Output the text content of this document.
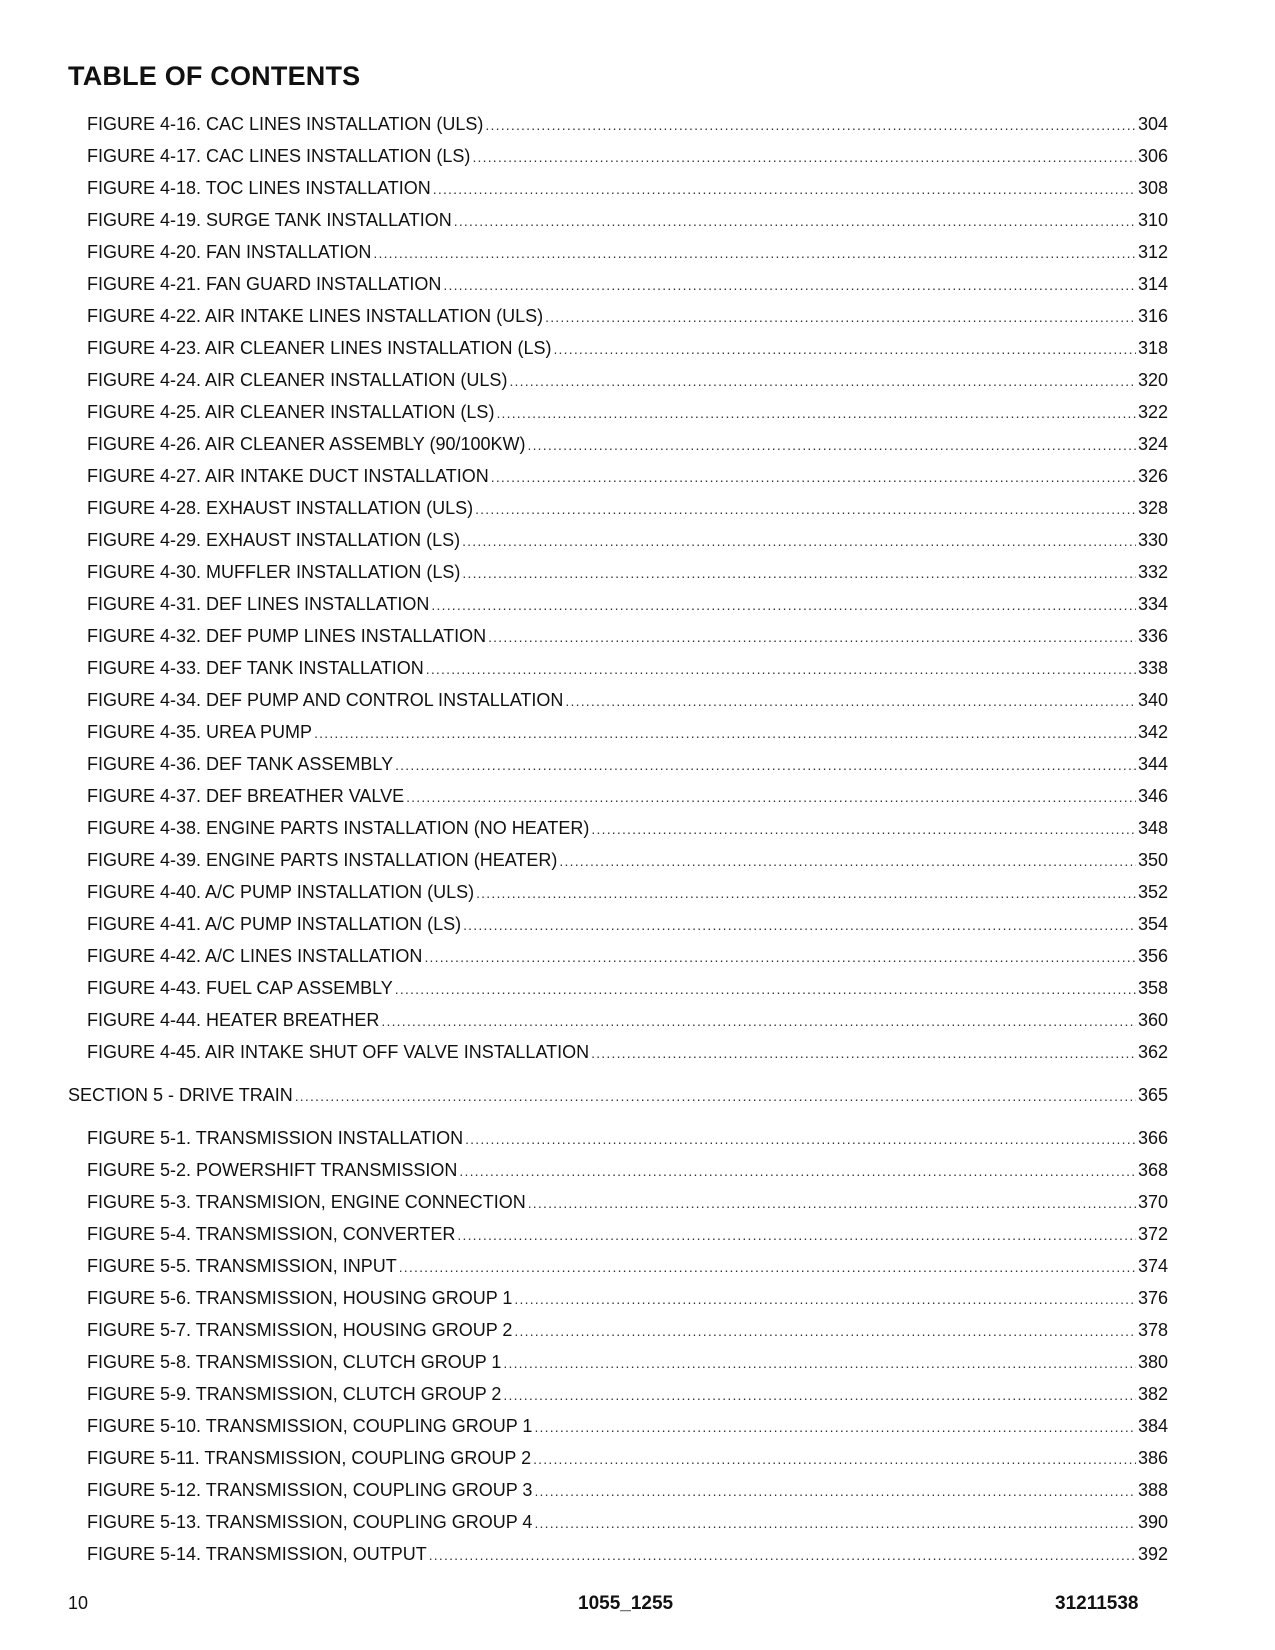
TABLE OF CONTENTS
FIGURE 4-16. CAC LINES INSTALLATION (ULS) .....	304
FIGURE 4-17. CAC LINES INSTALLATION (LS) .....	306
FIGURE 4-18. TOC LINES INSTALLATION .....	308
FIGURE 4-19. SURGE TANK INSTALLATION .....	310
FIGURE 4-20. FAN INSTALLATION .....	312
FIGURE 4-21. FAN GUARD INSTALLATION .....	314
FIGURE 4-22. AIR INTAKE LINES INSTALLATION (ULS) .....	316
FIGURE 4-23. AIR CLEANER LINES INSTALLATION (LS) .....	318
FIGURE 4-24. AIR CLEANER INSTALLATION (ULS) .....	320
FIGURE 4-25. AIR CLEANER INSTALLATION (LS) .....	322
FIGURE 4-26. AIR CLEANER ASSEMBLY (90/100KW) .....	324
FIGURE 4-27. AIR INTAKE DUCT INSTALLATION .....	326
FIGURE 4-28. EXHAUST INSTALLATION (ULS) .....	328
FIGURE 4-29. EXHAUST INSTALLATION (LS) .....	330
FIGURE 4-30. MUFFLER INSTALLATION (LS) .....	332
FIGURE 4-31. DEF LINES INSTALLATION .....	334
FIGURE 4-32. DEF PUMP LINES INSTALLATION .....	336
FIGURE 4-33. DEF TANK INSTALLATION .....	338
FIGURE 4-34. DEF PUMP AND CONTROL INSTALLATION .....	340
FIGURE 4-35. UREA PUMP .....	342
FIGURE 4-36. DEF TANK ASSEMBLY .....	344
FIGURE 4-37. DEF BREATHER VALVE .....	346
FIGURE 4-38. ENGINE PARTS INSTALLATION (NO HEATER) .....	348
FIGURE 4-39. ENGINE PARTS INSTALLATION (HEATER) .....	350
FIGURE 4-40. A/C PUMP INSTALLATION (ULS) .....	352
FIGURE 4-41. A/C PUMP INSTALLATION (LS) .....	354
FIGURE 4-42. A/C LINES INSTALLATION .....	356
FIGURE 4-43. FUEL CAP ASSEMBLY .....	358
FIGURE 4-44. HEATER BREATHER .....	360
FIGURE 4-45. AIR INTAKE SHUT OFF VALVE INSTALLATION .....	362
SECTION 5 - DRIVE TRAIN .....	365
FIGURE 5-1. TRANSMISSION INSTALLATION .....	366
FIGURE 5-2. POWERSHIFT TRANSMISSION .....	368
FIGURE 5-3. TRANSMISION, ENGINE CONNECTION .....	370
FIGURE 5-4. TRANSMISSION, CONVERTER .....	372
FIGURE 5-5. TRANSMISSION, INPUT .....	374
FIGURE 5-6. TRANSMISSION, HOUSING GROUP 1 .....	376
FIGURE 5-7. TRANSMISSION, HOUSING GROUP 2 .....	378
FIGURE 5-8. TRANSMISSION, CLUTCH GROUP 1 .....	380
FIGURE 5-9. TRANSMISSION, CLUTCH GROUP 2 .....	382
FIGURE 5-10. TRANSMISSION, COUPLING GROUP 1 .....	384
FIGURE 5-11. TRANSMISSION, COUPLING GROUP 2 .....	386
FIGURE 5-12. TRANSMISSION, COUPLING GROUP 3 .....	388
FIGURE 5-13. TRANSMISSION, COUPLING GROUP 4 .....	390
FIGURE 5-14. TRANSMISSION, OUTPUT .....	392
10	1055_1255	31211538
